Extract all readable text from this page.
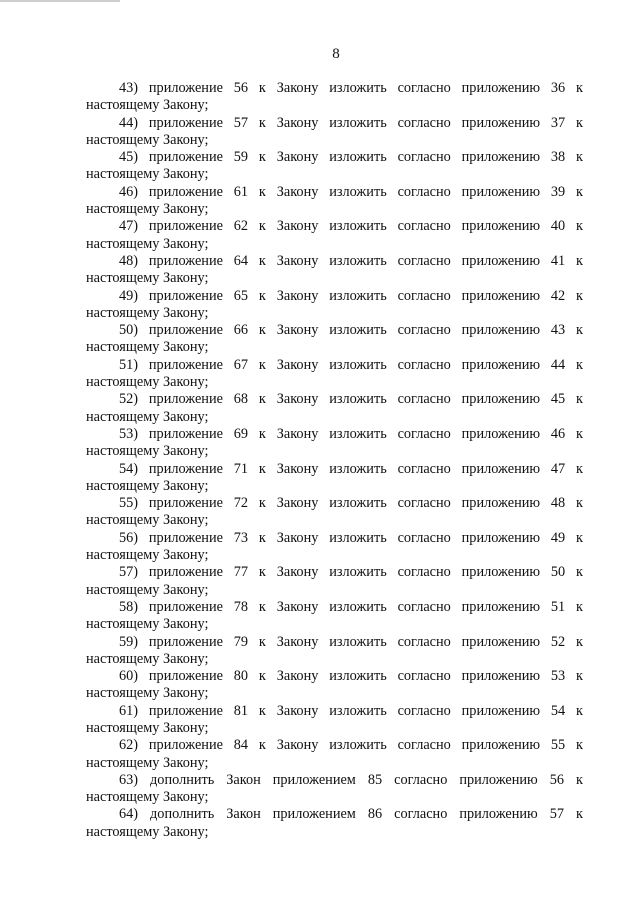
8
43) приложение 56 к Закону изложить согласно приложению 36 к
настоящему Закону;
44) приложение 57 к Закону изложить согласно приложению 37 к
настоящему Закону;
45) приложение 59 к Закону изложить согласно приложению 38 к
настоящему Закону;
46) приложение 61 к Закону изложить согласно приложению 39 к
настоящему Закону;
47) приложение 62 к Закону изложить согласно приложению 40 к
настоящему Закону;
48) приложение 64 к Закону изложить согласно приложению 41 к
настоящему Закону;
49) приложение 65 к Закону изложить согласно приложению 42 к
настоящему Закону;
50) приложение 66 к Закону изложить согласно приложению 43 к
настоящему Закону;
51) приложение 67 к Закону изложить согласно приложению 44 к
настоящему Закону;
52) приложение 68 к Закону изложить согласно приложению 45 к
настоящему Закону;
53) приложение 69 к Закону изложить согласно приложению 46 к
настоящему Закону;
54) приложение 71 к Закону изложить согласно приложению 47 к
настоящему Закону;
55) приложение 72 к Закону изложить согласно приложению 48 к
настоящему Закону;
56) приложение 73 к Закону изложить согласно приложению 49 к
настоящему Закону;
57) приложение 77 к Закону изложить согласно приложению 50 к
настоящему Закону;
58) приложение 78 к Закону изложить согласно приложению 51 к
настоящему Закону;
59) приложение 79 к Закону изложить согласно приложению 52 к
настоящему Закону;
60) приложение 80 к Закону изложить согласно приложению 53 к
настоящему Закону;
61) приложение 81 к Закону изложить согласно приложению 54 к
настоящему Закону;
62) приложение 84 к Закону изложить согласно приложению 55 к
настоящему Закону;
63) дополнить Закон приложением 85 согласно приложению 56 к
настоящему Закону;
64) дополнить Закон приложением 86 согласно приложению 57 к
настоящему Закону;
